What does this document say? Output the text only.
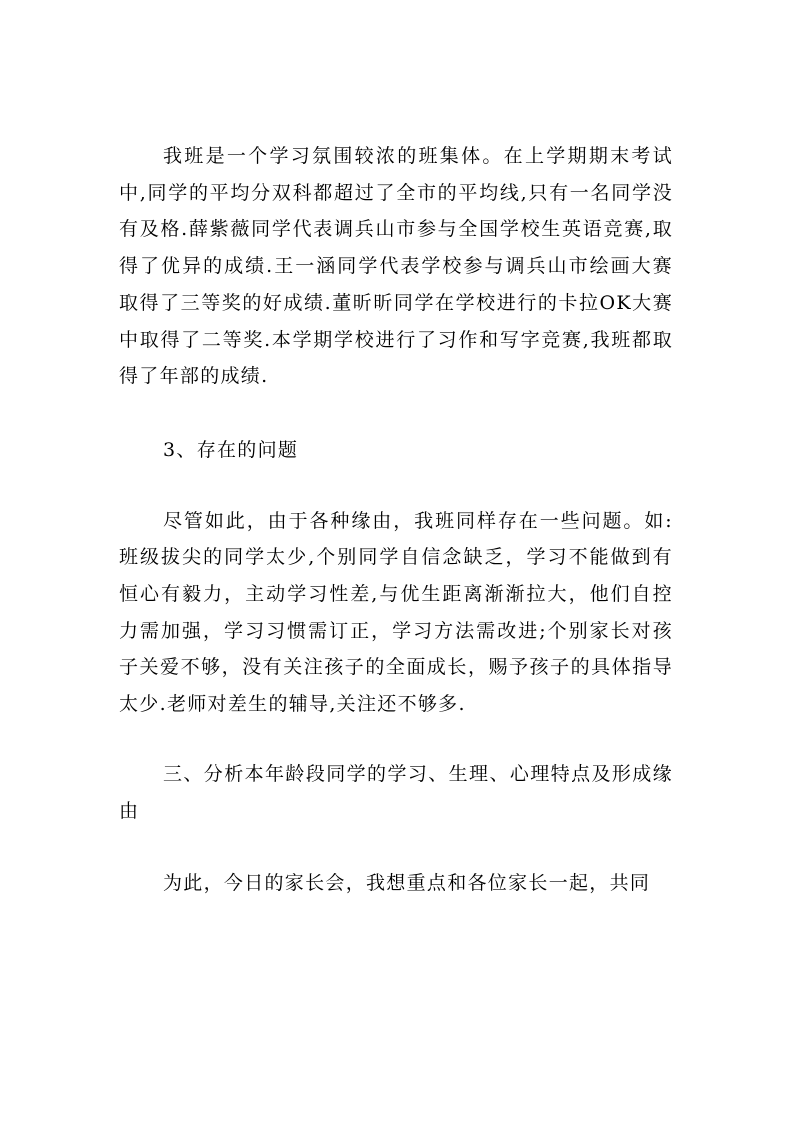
我班是一个学习氛围较浓的班集体。在上学期期末考试中,同学的平均分双科都超过了全市的平均线,只有一名同学没有及格.薛紫薇同学代表调兵山市参与全国学校生英语竞赛,取得了优异的成绩.王一涵同学代表学校参与调兵山市绘画大赛取得了三等奖的好成绩.董昕昕同学在学校进行的卡拉OK大赛中取得了二等奖.本学期学校进行了习作和写字竞赛,我班都取得了年部的成绩.

3、存在的问题

尽管如此，由于各种缘由，我班同样存在一些问题。如:班级拔尖的同学太少,个别同学自信念缺乏，学习不能做到有恒心有毅力，主动学习性差,与优生距离渐渐拉大，他们自控力需加强，学习习惯需订正，学习方法需改进;个别家长对孩子关爱不够，没有关注孩子的全面成长，赐予孩子的具体指导太少.老师对差生的辅导,关注还不够多.

三、分析本年龄段同学的学习、生理、心理特点及形成缘由

为此，今日的家长会，我想重点和各位家长一起，共同
